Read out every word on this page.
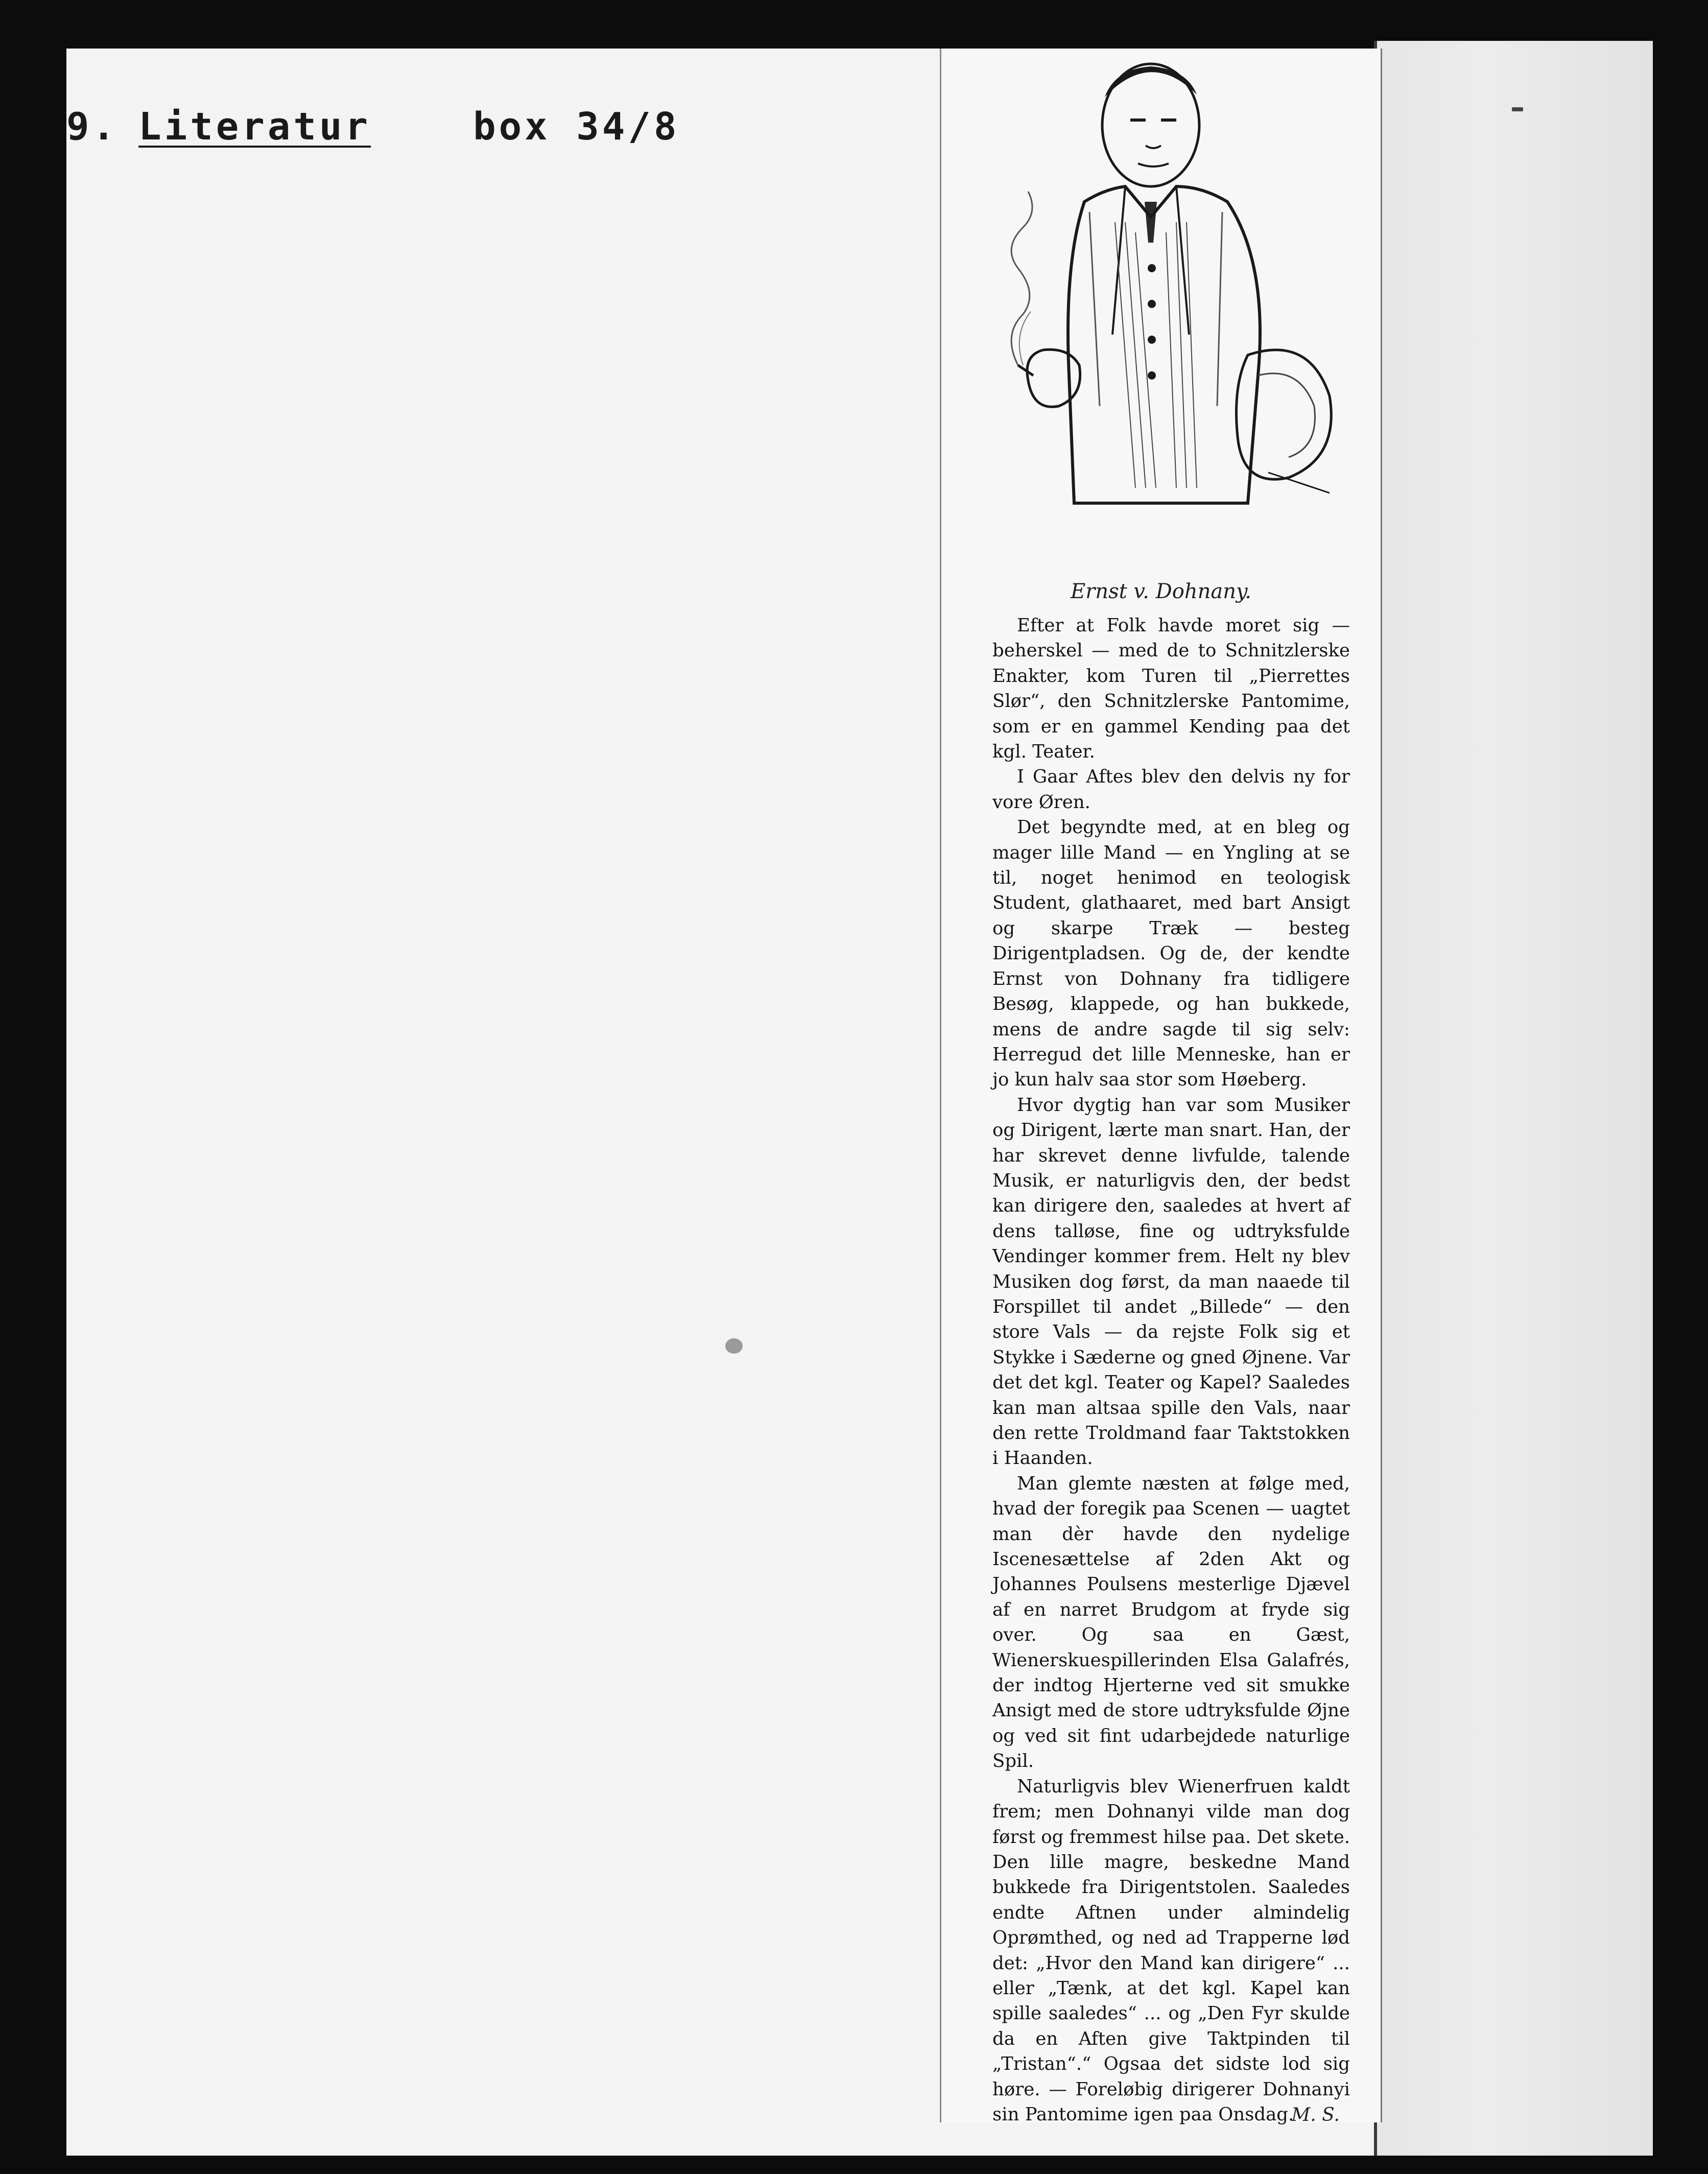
9. Literatur	box 34/8
Ernst v. Dohnany.

Efter at Folk havde moret sig — beherskel — med de to Schnitzlerske Enakter, kom Turen til „Pierrettes Slør“, den Schnitzlerske Pantomime, som er en gammel Kending paa det kgl. Teater.

I Gaar Aftes blev den delvis ny for vore Øren.

Det begyndte med, at en bleg og mager lille Mand — en Yngling at se til, noget henimod en teologisk Student, glathaaret, med bart Ansigt og skarpe Træk — besteg Dirigentpladsen. Og de, der kendte Ernst von Dohnany fra tidligere Besøg, klappede, og han bukkede, mens de andre sagde til sig selv: Herregud det lille Menneske, han er jo kun halv saa stor som Høeberg.

Hvor dygtig han var som Musiker og Dirigent, lærte man snart. Han, der har skrevet denne livfulde, talende Musik, er naturligvis den, der bedst kan dirigere den, saaledes at hvert af dens talløse, fine og udtryksfulde Vendinger kommer frem. Helt ny blev Musiken dog først, da man naaede til Forspillet til andet „Billede“ — den store Vals — da rejste Folk sig et Stykke i Sæderne og gned Øjnene. Var det det kgl. Teater og Kapel? Saaledes kan man altsaa spille den Vals, naar den rette Troldmand faar Taktstokken i Haanden.

Man glemte næsten at følge med, hvad der foregik paa Scenen — uagtet man dèr havde den nydelige Iscenesættelse af 2den Akt og Johannes Poulsens mesterlige Djævel af en narret Brudgom at fryde sig over. Og saa en Gæst, Wienerskuespillerinden Elsa Galafrés, der indtog Hjerterne ved sit smukke Ansigt med de store udtryksfulde Øjne og ved sit fint udarbejdede naturlige Spil.

Naturligvis blev Wienerfruen kaldt frem; men Dohnanyi vilde man dog først og fremmest hilse paa. Det skete. Den lille magre, beskedne Mand bukkede fra Dirigentstolen. Saaledes endte Aftnen under almindelig Oprømthed, og ned ad Trapperne lød det: „Hvor den Mand kan dirigere“ ... eller „Tænk, at det kgl. Kapel kan spille saaledes“ ... og „Den Fyr skulde da en Aften give Taktpinden til „Tristan“.“ Ogsaa det sidste lod sig høre. — Foreløbig dirigerer Dohnanyi sin Pantomime igen paa Onsdag.

M. S.
